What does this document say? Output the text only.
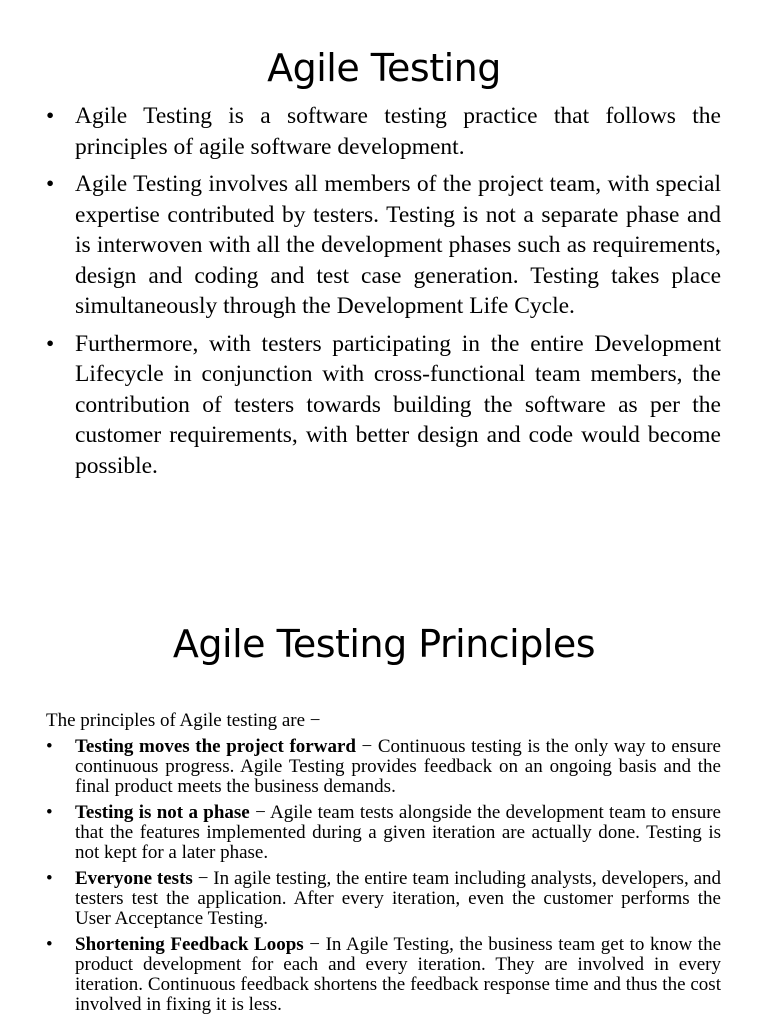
Agile Testing
• Agile Testing is a software testing practice that follows the principles of agile software development.
• Agile Testing involves all members of the project team, with special expertise contributed by testers. Testing is not a separate phase and is interwoven with all the development phases such as requirements, design and coding and test case generation. Testing takes place simultaneously through the Development Life Cycle.
• Furthermore, with testers participating in the entire Development Lifecycle in conjunction with cross-functional team members, the contribution of testers towards building the software as per the customer requirements, with better design and code would become possible.
Agile Testing Principles

The principles of Agile testing are −

• Testing moves the project forward − Continuous testing is the only way to ensure continuous progress. Agile Testing provides feedback on an ongoing basis and the final product meets the business demands.
• Testing is not a phase − Agile team tests alongside the development team to ensure that the features implemented during a given iteration are actually done. Testing is not kept for a later phase.
• Everyone tests − In agile testing, the entire team including analysts, developers, and testers test the application. After every iteration, even the customer performs the User Acceptance Testing.
• Shortening Feedback Loops − In Agile Testing, the business team get to know the product development for each and every iteration. They are involved in every iteration. Continuous feedback shortens the feedback response time and thus the cost involved in fixing it is less.
